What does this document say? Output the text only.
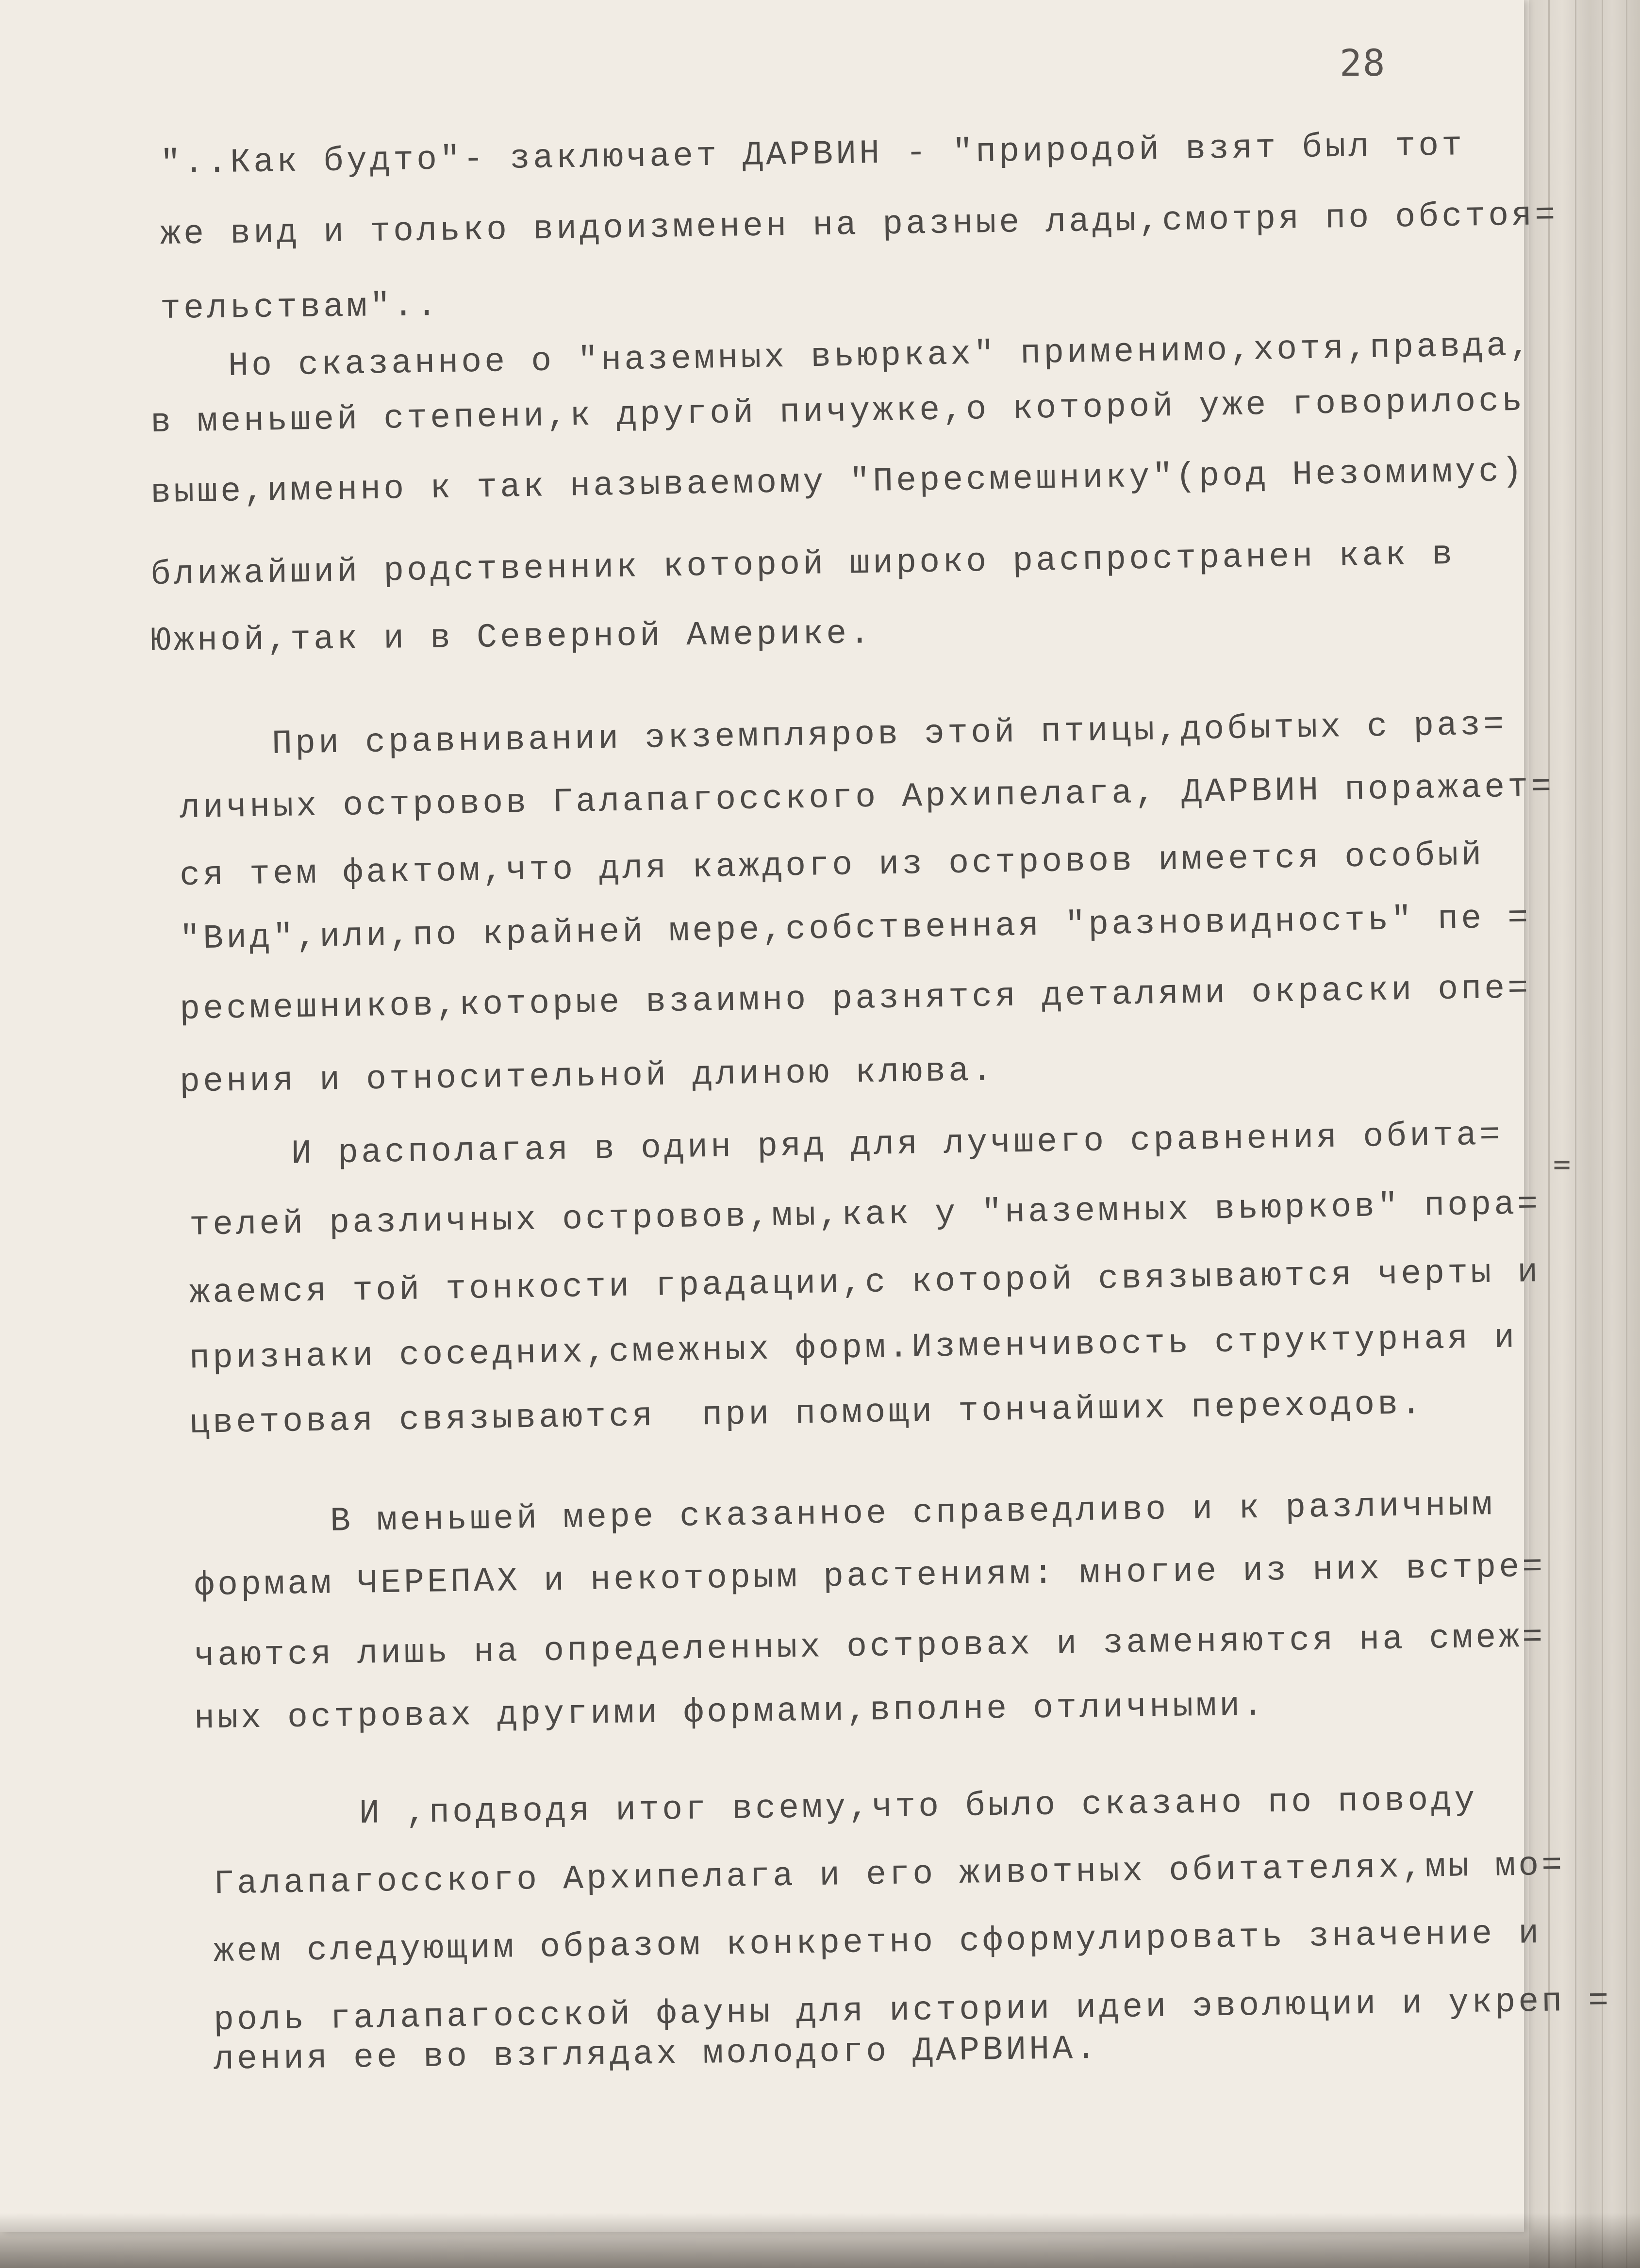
28
"..Как будто"- заключает ДАРВИН - "природой взят был тот
же вид и только видоизменен на разные лады,смотря по обстоя=
тельствам"..
Но сказанное о "наземных вьюрках" применимо,хотя,правда,
в меньшей степени,к другой пичужке,о которой уже говорилось
выше,именно к так называемому "Пересмешнику"(род Незомимус)
ближайший родственник которой широко распространен как в
Южной,так и в Северной Америке.
При сравнивании экземпляров этой птицы,добытых с раз=
личных островов Галапагосского Архипелага, ДАРВИН поражает=
ся тем фактом,что для каждого из островов имеется особый
"Вид",или,по крайней мере,собственная "разновидность" пе =
ресмешников,которые взаимно разнятся деталями окраски опе=
рения и относительной длиною клюва.
И располагая в один ряд для лучшего сравнения обита=
телей различных островов,мы,как у "наземных вьюрков" пора=
жаемся той тонкости градации,с которой связываются черты и
признаки соседних,смежных форм.Изменчивость структурная и
цветовая связываются  при помощи тончайших переходов.
В меньшей мере сказанное справедливо и к различным
формам ЧЕРЕПАХ и некоторым растениям: многие из них встре=
чаются лишь на определенных островах и заменяются на смеж=
ных островах другими формами,вполне отличными.
И ,подводя итог всему,что было сказано по поводу
Галапагосского Архипелага и его животных обитателях,мы мо=
жем следующим образом конкретно сформулировать значение и
роль галапагосской фауны для истории идеи эволюции и укреп =
ления ее во взглядах молодого ДАРВИНА.
=
